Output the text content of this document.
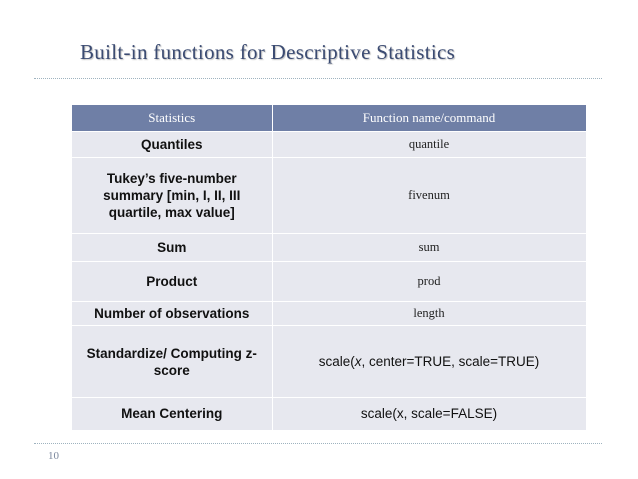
Built-in functions for Descriptive Statistics
Statistics	Function name/command
Quantiles	quantile
Tukey’s five-number summary [min, I, II, III quartile, max value]	fivenum
Sum	sum
Product	prod
Number of observations	length
Standardize/ Computing z-score	scale(x, center=TRUE, scale=TRUE)
Mean Centering	scale(x, scale=FALSE)
10
